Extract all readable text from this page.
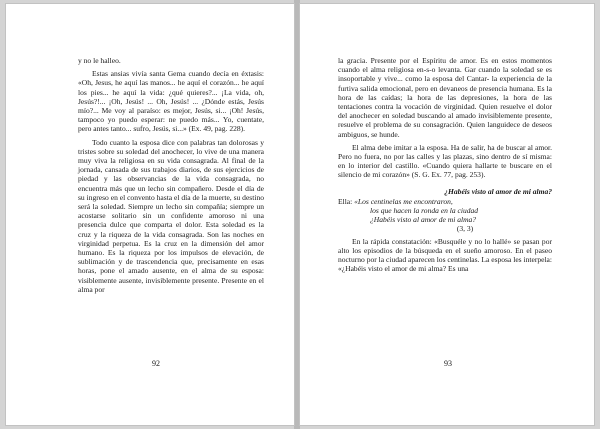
y no le halleo.

Estas ansias vivía santa Gema cuando decía en éxtasis: «Oh, Jesus, he aquí las manos... he aquí el corazón... he aquí los pies... he aquí la vida: ¿qué quieres?... ¡La vida, oh, Jesús?!... ¡Oh, Jesús! ... Oh, Jesús! ... ¿Dónde estás, Jesús mío?... Me voy al paraíso: es mejor, Jesús, si... ¡Oh! Jesús, tampoco yo puedo esperar: ne puedo más... Yo, cuentate, pero antes tanto... sufro, Jesús, si...» (Ex. 49, pag. 228).

Todo cuanto la esposa dice con palabras tan dolorosas y tristes sobre su soledad del anochecer, lo vive de una manera muy viva la religiosa en su vida consagrada. Al final de la jornada, cansada de sus trabajos diarios, de sus ejercicios de piedad y las observancias de la vida consagrada, no encuentra más que un lecho sin compañero. Desde el día de su ingreso en el convento hasta el día de la muerte, su destino será la soledad. Siempre un lecho sin compañía; siempre un acostarse solitario sin un confidente amoroso ni una presencia dulce que comparta el dolor. Esta soledad es la cruz y la riqueza de la vida consagrada. Son las noches en virginidad perpetua. Es la cruz en la dimensión del amor humano. Es la riqueza por los impulsos de elevación, de sublimación y de trascendencia que, precisamente en esas horas, pone el amado ausente, en el alma de su esposa: visiblemente ausente, invisiblemente presente. Presente en el alma por

92

la gracia. Presente por el Espíritu de amor. Es en estos momentos cuando el alma religiosa en-s-o levanta. Gar cuando la soledad se es insoportable y vive... como la esposa del Cantar- la experiencia de la furtiva salida emocional, pero en devaneos de presencia humana. Es la hora de las caídas; la hora de las depresiones, la hora de las tentaciones contra la vocación de virginidad. Quien resuelve el dolor del anochecer en soledad buscando al amado invisiblemente presente, resuelve el problema de su consagración. Quien languidece de deseos ambiguos, se hunde.

El alma debe imitar a la esposa. Ha de salir, ha de buscar al amor. Pero no fuera, no por las calles y las plazas, sino dentro de sí misma: en lo interior del castillo. «Cuando quiera hallarte te buscare en el silencio de mi corazón» (S. G. Ex. 77, pag. 253).

¿Habéis visto al amor de mi alma?
Ella: «Los centinelas me encontraron,
los que hacen la ronda en la ciudad
¿Habéis visto al amor de mi alma?
(3, 3)

En la rápida constatación: «Busquéle y no lo hallé» se pasan por alto los episodios de la búsqueda en el sueño amoroso. En el paseo nocturno por la ciudad aparecen los centinelas. La esposa les interpela: «¿Habéis visto el amor de mi alma? Es una

93
